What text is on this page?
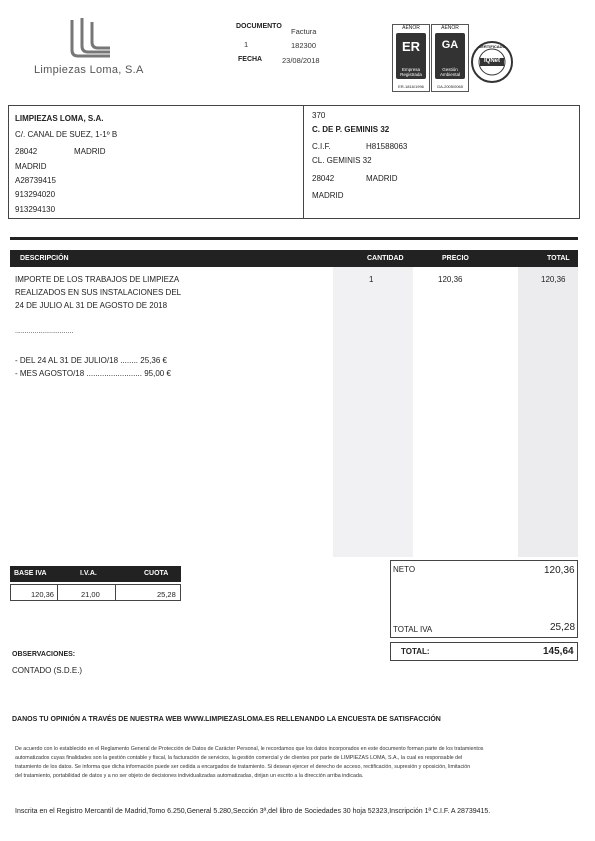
Limpiezas Loma, S.A
DOCUMENTO
Factura
1	182300
FECHA	23/08/2018
AENOR
ER
Empresa Registrada
ER-1816/1996
AENOR
GA
Gestión Ambiental
GA-2005/0065
CERTIFICADO
IQNet
LIMPIEZAS LOMA, S.A.
C/. CANAL DE SUEZ, 1-1º B
28042	MADRID
MADRID
A28739415
913294020
913294130
370
C. DE P. GEMINIS 32
C.I.F.	H81588063
CL. GEMINIS 32
28042	MADRID
MADRID
DESCRIPCIÓN	CANTIDAD	PRECIO	TOTAL
IMPORTE DE LOS TRABAJOS DE LIMPIEZA
REALIZADOS EN SUS INSTALACIONES DEL
24 DE JULIO AL 31 DE AGOSTO DE 2018
..............................
- DEL 24 AL 31 DE JULIO/18 ........ 25,36 €
- MES AGOSTO/18 ......................... 95,00 €
1	120,36	120,36
BASE IVA	I.V.A.	CUOTA
120,36	21,00	25,28
NETO	120,36
TOTAL IVA	25,28
TOTAL:	145,64
OBSERVACIONES:
CONTADO (S.D.E.)
DANOS TU OPINIÓN A TRAVÉS DE NUESTRA WEB WWW.LIMPIEZASLOMA.ES RELLENANDO LA ENCUESTA DE SATISFACCIÓN
De acuerdo con lo establecido en el Reglamento General de Protección de Datos de Carácter Personal, le recordamos que los datos incorporados en este documento forman parte de los tratamientos
automatizados cuyas finalidades son la gestión contable y fiscal, la facturación de servicios, la gestión comercial y de clientes por parte de LIMPIEZAS LOMA, S.A., la cual es responsable del
tratamiento de los datos. Se informa que dicha información puede ser cedida a encargados de tratamiento. Si desean ejercer el derecho de acceso, rectificación, supresión y oposición, limitación
del tratamiento, portabilidad de datos y a no ser objeto de decisiones individualizadas automatizadas, dirijan un escrito a la dirección arriba indicada.
Inscrita en el Registro Mercantil de Madrid,Tomo 6.250,General 5.280,Sección 3ª,del libro de Sociedades 30 hoja 52323,Inscripción 1ª C.I.F. A 28739415.
